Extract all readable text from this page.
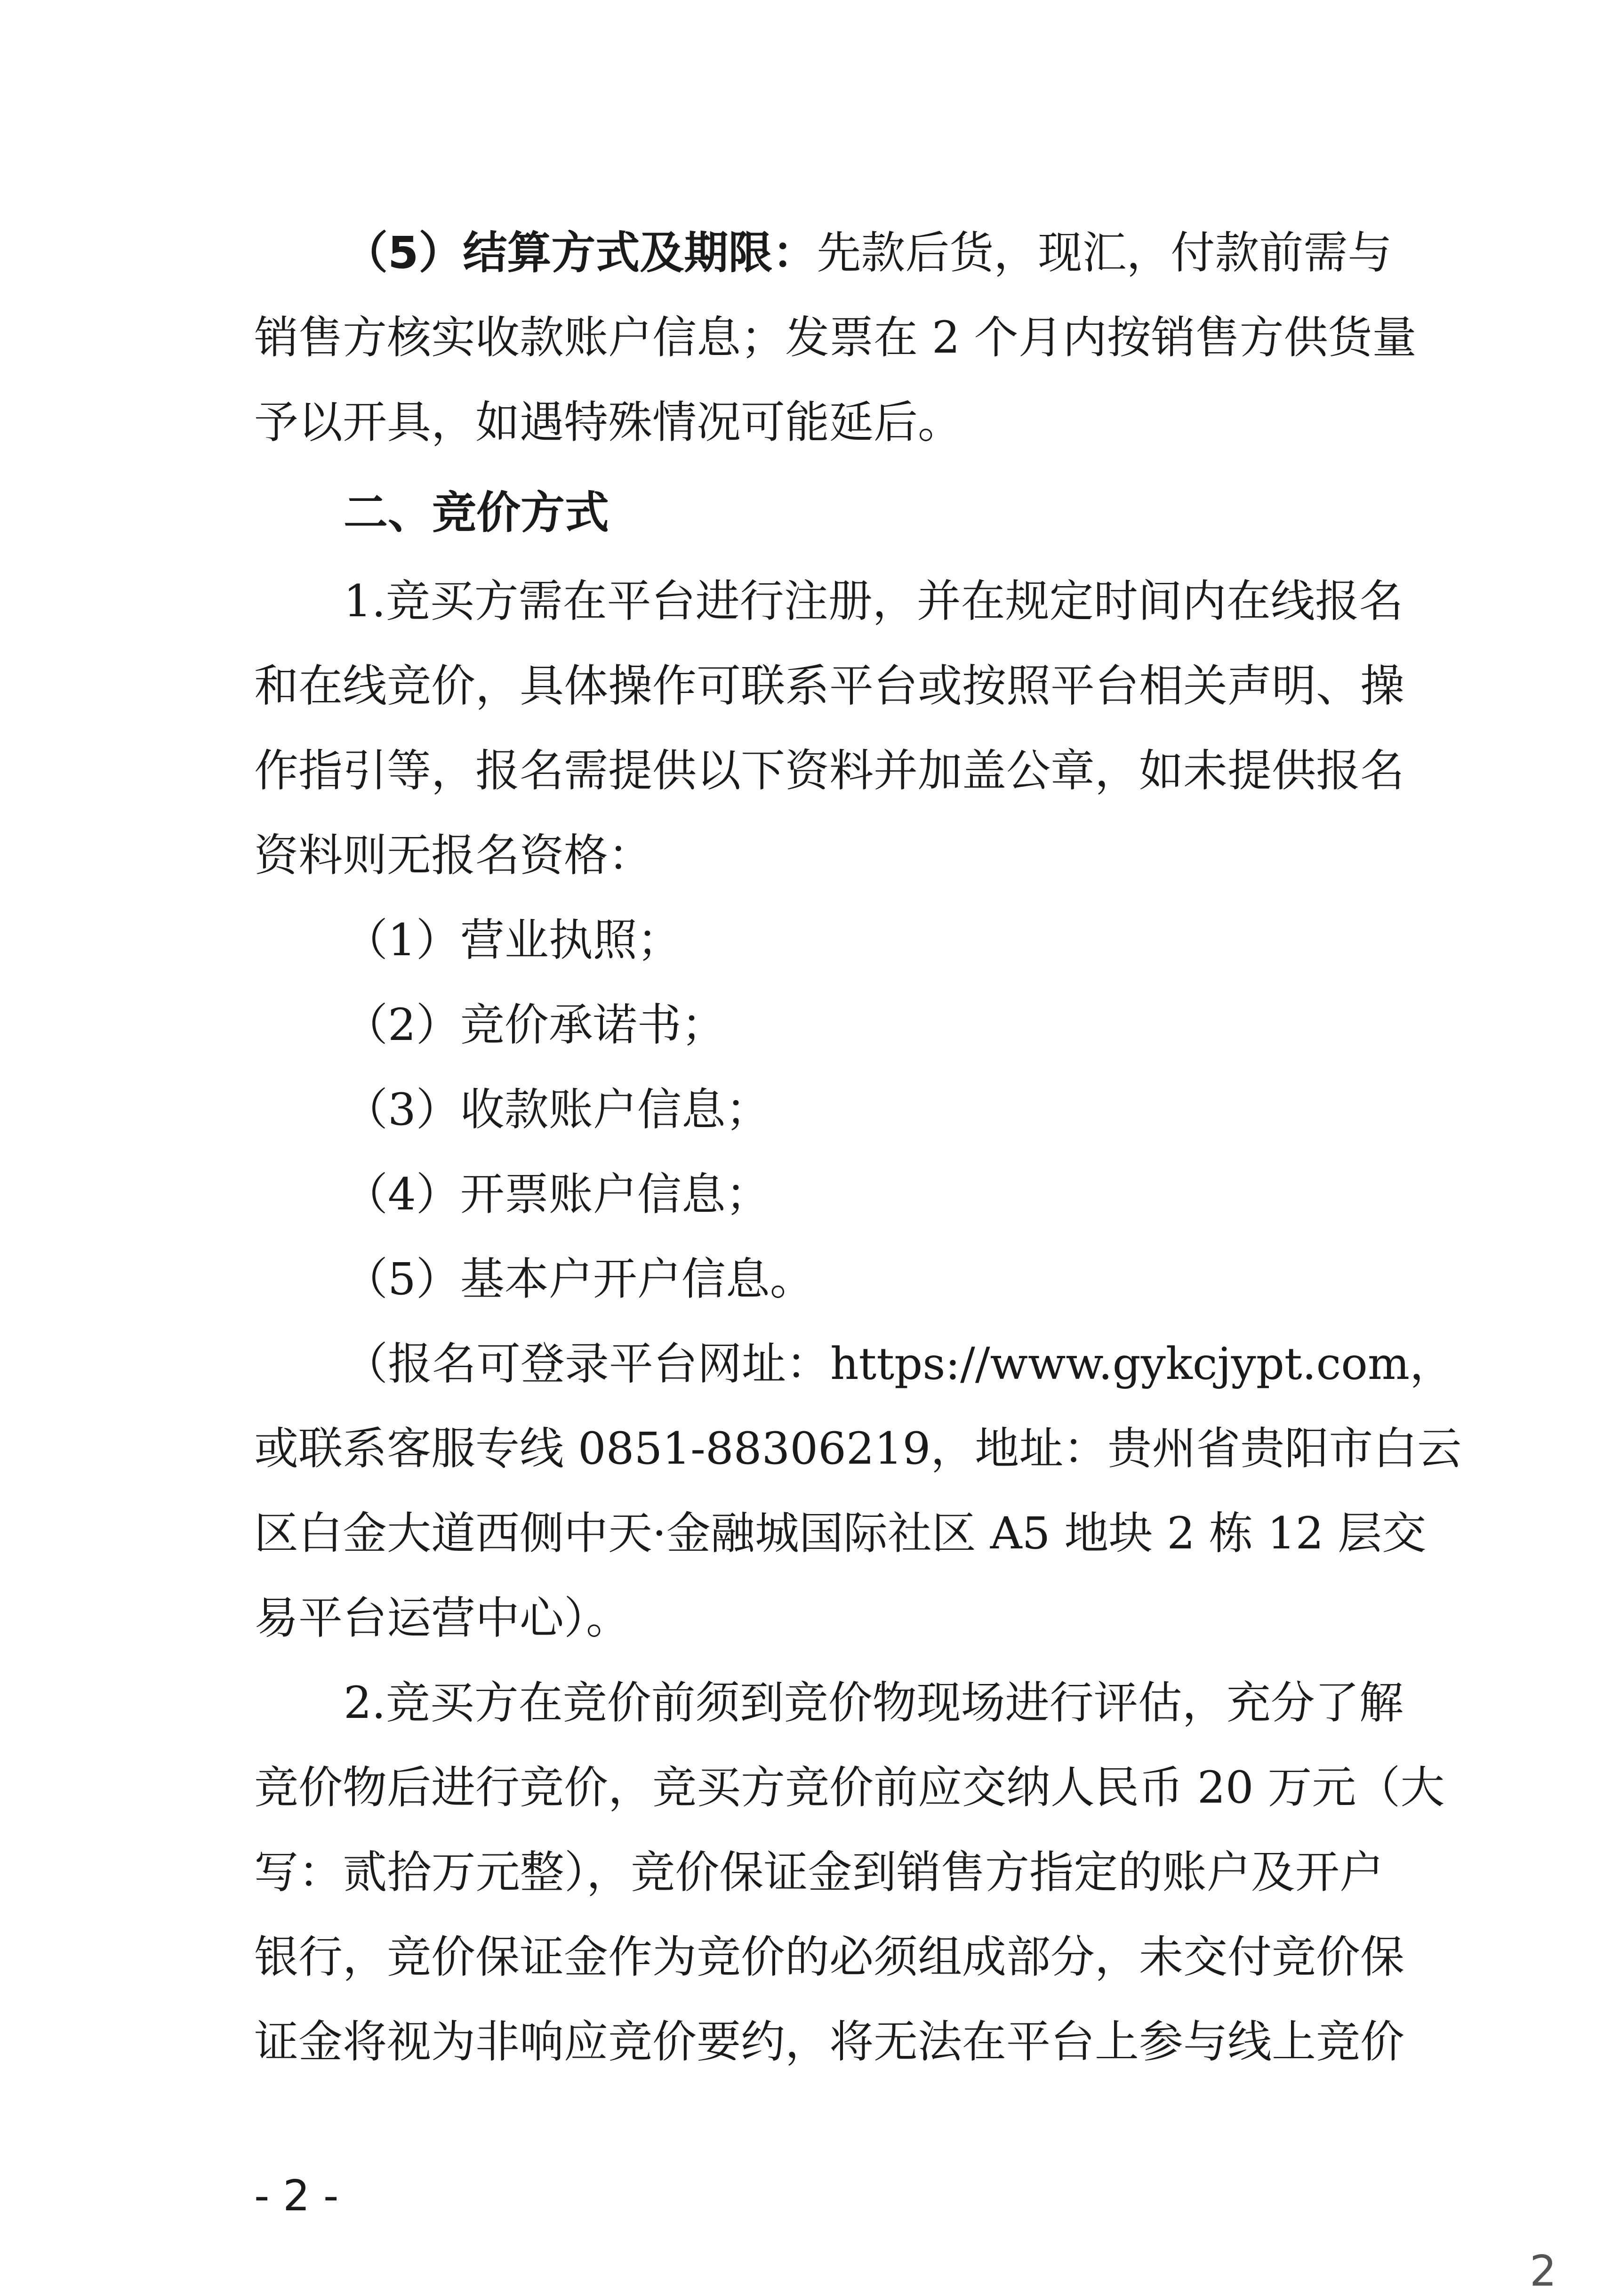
（5）结算方式及期限：先款后货，现汇，付款前需与
销售方核实收款账户信息；发票在 2 个月内按销售方供货量
予以开具，如遇特殊情况可能延后。
二、竞价方式
1.竞买方需在平台进行注册，并在规定时间内在线报名
和在线竞价，具体操作可联系平台或按照平台相关声明、操
作指引等，报名需提供以下资料并加盖公章，如未提供报名
资料则无报名资格：
（1）营业执照；
（2）竞价承诺书；
（3）收款账户信息；
（4）开票账户信息；
（5）基本户开户信息。
（报名可登录平台网址：https://www.gykcjypt.com，
或联系客服专线 0851-88306219，地址：贵州省贵阳市白云
区白金大道西侧中天·金融城国际社区 A5 地块 2 栋 12 层交
易平台运营中心）。
2.竞买方在竞价前须到竞价物现场进行评估，充分了解
竞价物后进行竞价，竞买方竞价前应交纳人民币 20 万元（大
写：贰拾万元整），竞价保证金到销售方指定的账户及开户
银行，竞价保证金作为竞价的必须组成部分，未交付竞价保
证金将视为非响应竞价要约，将无法在平台上参与线上竞价
- 2 -
2
